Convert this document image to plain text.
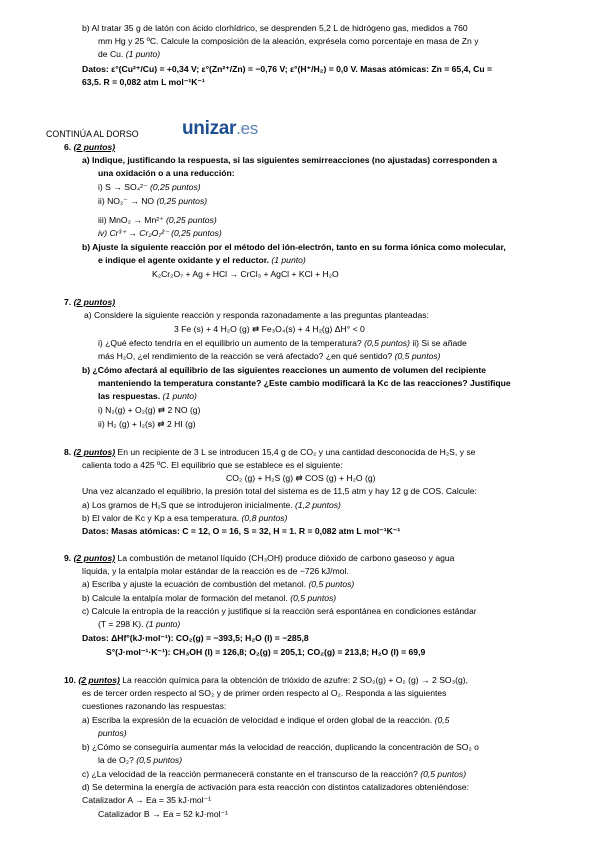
b) Al tratar 35 g de latón con ácido clorhídrico, se desprenden 5,2 L de hidrógeno gas, medidos a 760
mm Hg y 25 ºC. Calcule la composición de la aleación, exprésela como porcentaje en masa de Zn y
de Cu. (1 punto)
Datos: ε°(Cu²⁺/Cu) = +0,34 V; ε°(Zn²⁺/Zn) = −0,76 V; ε°(H⁺/H₂) = 0,0 V. Masas atómicas: Zn = 65,4, Cu =
63,5. R = 0,082 atm L mol⁻¹K⁻¹
CONTINÚA AL DORSO unizar.es
6. (2 puntos)
a) Indique, justificando la respuesta, si las siguientes semirreacciones (no ajustadas) corresponden a
una oxidación o a una reducción:
i) S → SO₄²⁻ (0,25 puntos)
ii) NO₂⁻ → NO (0,25 puntos)
iii) MnO₂ → Mn²⁺ (0,25 puntos)
iv) Cr³⁺ → Cr₂O₇²⁻ (0,25 puntos)
b) Ajuste la siguiente reacción por el método del ión-electrón, tanto en su forma iónica como molecular,
e indique el agente oxidante y el reductor. (1 punto)
K₂Cr₂O₇ + Ag + HCl → CrCl₃ + AgCl + KCl + H₂O
7. (2 puntos)
a) Considere la siguiente reacción y responda razonadamente a las preguntas planteadas:
3 Fe (s) + 4 H₂O (g) ⇄ Fe₃O₄(s) + 4 H₂(g) ΔH° < 0
i) ¿Qué efecto tendría en el equilibrio un aumento de la temperatura? (0,5 puntos) ii) Si se añade
más H₂O, ¿el rendimiento de la reacción se verá afectado? ¿en qué sentido? (0,5 puntos)
b) ¿Cómo afectará al equilibrio de las siguientes reacciones un aumento de volumen del recipiente
manteniendo la temperatura constante? ¿Este cambio modificará la Kc de las reacciones? Justifique
las respuestas. (1 punto)
i) N₂(g) + O₂(g) ⇄ 2 NO (g)
ii) H₂ (g) + I₂(s) ⇄ 2 HI (g)
8. (2 puntos) En un recipiente de 3 L se introducen 15,4 g de CO₂ y una cantidad desconocida de H₂S, y se
calienta todo a 425 ºC. El equilibrio que se establece es el siguiente:
CO₂ (g) + H₂S (g) ⇄ COS (g) + H₂O (g)
Una vez alcanzado el equilibrio, la presión total del sistema es de 11,5 atm y hay 12 g de COS. Calcule:
a) Los gramos de H₂S que se introdujeron inicialmente. (1,2 puntos)
b) El valor de Kc y Kp a esa temperatura. (0,8 puntos)
Datos: Masas atómicas: C = 12, O = 16, S = 32, H = 1. R = 0,082 atm L mol⁻¹K⁻¹
9. (2 puntos) La combustión de metanol líquido (CH₃OH) produce dióxido de carbono gaseoso y agua
líquida, y la entalpía molar estándar de la reacción es de −726 kJ/mol.
a) Escriba y ajuste la ecuación de combustión del metanol. (0,5 puntos)
b) Calcule la entalpía molar de formación del metanol. (0,5 puntos)
c) Calcule la entropía de la reacción y justifique si la reacción será espontánea en condiciones estándar
(T = 298 K). (1 punto)
Datos: ΔHf°(kJ·mol⁻¹): CO₂(g) = −393,5; H₂O (l) = −285,8
S°(J·mol⁻¹·K⁻¹): CH₃OH (l) = 126,8; O₂(g) = 205,1; CO₂(g) = 213,8; H₂O (l) = 69,9
10. (2 puntos) La reacción química para la obtención de trióxido de azufre: 2 SO₂(g) + O₂ (g) → 2 SO₃(g),
es de tercer orden respecto al SO₂ y de primer orden respecto al O₂. Responda a las siguientes
cuestiones razonando las respuestas:
a) Escriba la expresión de la ecuación de velocidad e indique el orden global de la reacción. (0,5
puntos)
b) ¿Cómo se conseguiría aumentar más la velocidad de reacción, duplicando la concentración de SO₂ o
la de O₂? (0,5 puntos)
c) ¿La velocidad de la reacción permanecerá constante en el transcurso de la reacción? (0,5 puntos)
d) Se determina la energía de activación para esta reacción con distintos catalizadores obteniéndose:
Catalizador A → Ea = 35 kJ·mol⁻¹
Catalizador B → Ea = 52 kJ·mol⁻¹
